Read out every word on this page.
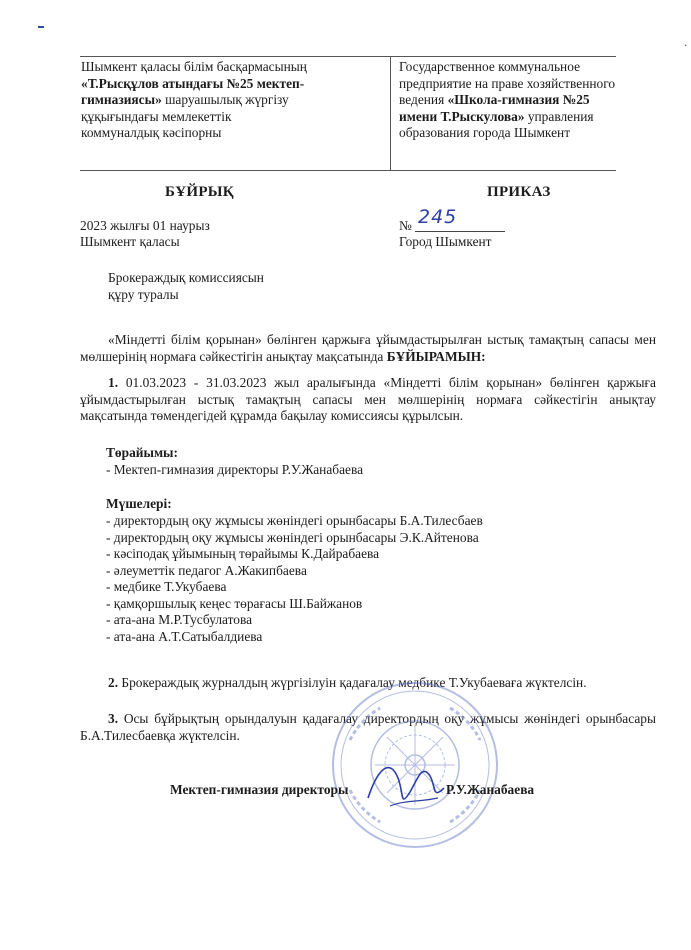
·
Шымкент қаласы білім басқармасының
«Т.Рысқұлов атындағы №25 мектеп-
гимназиясы» шаруашылық жүргізу
құқығындағы мемлекеттік
коммуналдық кәсіпорны
Государственное коммунальное
предприятие на праве хозяйственного
ведения «Школа-гимназия №25
имени Т.Рыскулова» управления
образования города Шымкент
БҰЙРЫҚ	ПРИКАЗ
2023 жылғы 01 наурыз
Шымкент қаласы
№ 245
Город Шымкент
Брокераждық комиссиясын
құру туралы
«Міндетті білім қорынан» бөлінген қаржыға ұйымдастырылған ыстық тамақтың сапасы мен мөлшерінің нормаға сәйкестігін анықтау мақсатында БҰЙЫРАМЫН:
1. 01.03.2023 - 31.03.2023 жыл аралығында «Міндетті білім қорынан» бөлінген қаржыға ұйымдастырылған ыстық тамақтың сапасы мен мөлшерінің нормаға сәйкестігін анықтау мақсатында төмендегідей құрамда бақылау комиссиясы құрылсын.
Төрайымы:
- Мектеп-гимназия директоры Р.У.Жанабаева
Мүшелері:
- директордың оқу жұмысы жөніндегі орынбасары Б.А.Тилесбаев
- директордың оқу жұмысы жөніндегі орынбасары Э.К.Айтенова
- кәсіподақ ұйымының төрайымы К.Дайрабаева
- әлеуметтік педагог А.Жакипбаева
- медбике Т.Укубаева
- қамқоршылық кеңес төрағасы Ш.Байжанов
- ата-ана М.Р.Тусбулатова
- ата-ана А.Т.Сатыбалдиева
2. Брокераждық журналдың жүргізілуін қадағалау медбике Т.Укубаеваға жүктелсін.
3. Осы бұйрықтың орындалуын қадағалау директордың оқу жұмысы жөніндегі орынбасары Б.А.Тилесбаевқа жүктелсін.
Мектеп-гимназия директоры	Р.У.Жанабаева
